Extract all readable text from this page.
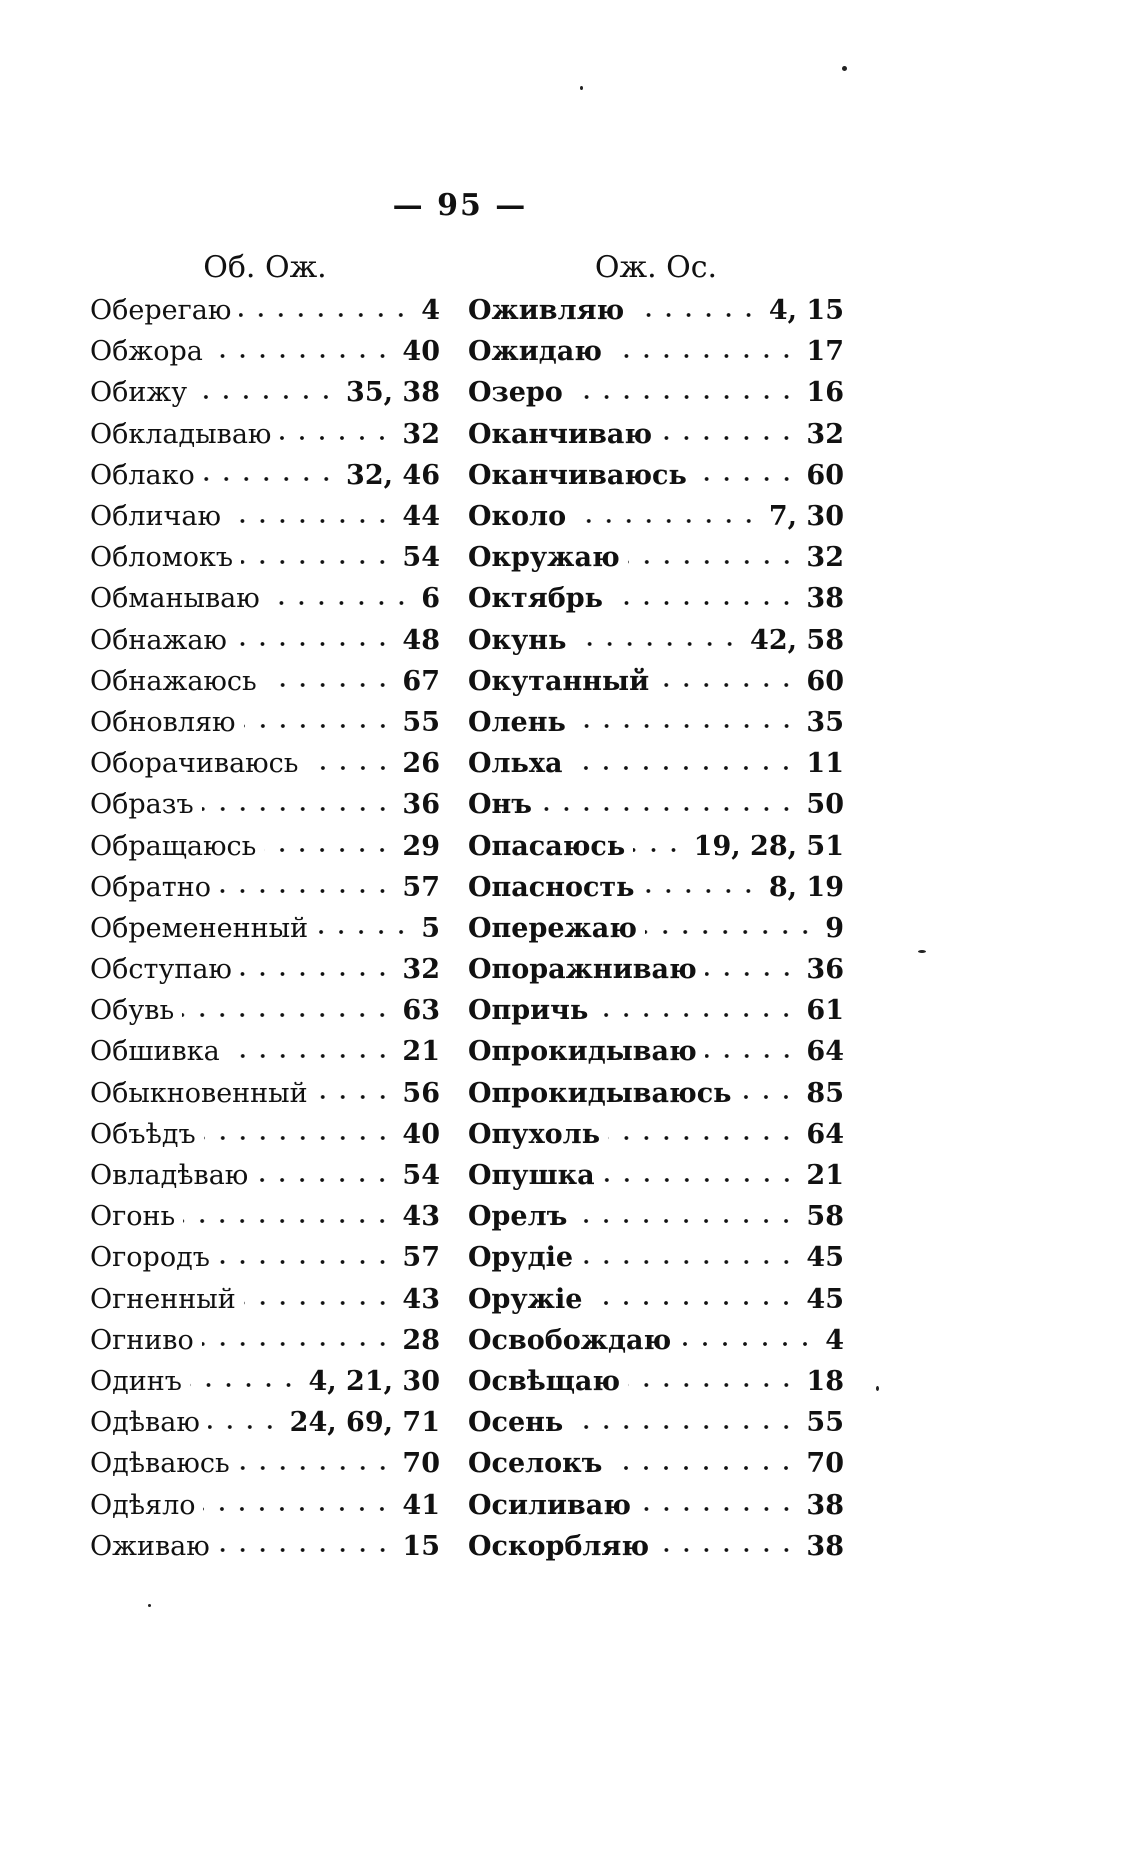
— 95 —
Об. Ож.
Оберегаю	4
Обжора	40
Обижу	35, 38
Обкладываю	32
Облако	32, 46
Обличаю	44
Обломокъ	54
Обманываю	6
Обнажаю	48
Обнажаюсь	67
Обновляю	55
Оборачиваюсь	26
Образъ	36
Обращаюсь	29
Обратно	57
Обремененный	5
Обступаю	32
Обувь	63
Обшивка	21
Обыкновенный	56
Объѣдъ	40
Овладѣваю	54
Огонь	43
Огородъ	57
Огненный	43
Огниво	28
Одинъ	4, 21, 30
Одѣваю	24, 69, 71
Одѣваюсь	70
Одѣяло	41
Оживаю	15
Ож. Ос.
Оживляю	4, 15
Ожидаю	17
Озеро	16
Оканчиваю	32
Оканчиваюсь	60
Около	7, 30
Окружаю	32
Октябрь	38
Окунь	42, 58
Окутанный	60
Олень	35
Ольха	11
Онъ	50
Опасаюсь	19, 28, 51
Опасность	8, 19
Опережаю	9
Опоражниваю	36
Опричь	61
Опрокидываю	64
Опрокидываюсь	85
Опухоль	64
Опушка	21
Орелъ	58
Орудіе	45
Оружіе	45
Освобождаю	4
Освѣщаю	18
Осень	55
Оселокъ	70
Осиливаю	38
Оскорбляю	38
